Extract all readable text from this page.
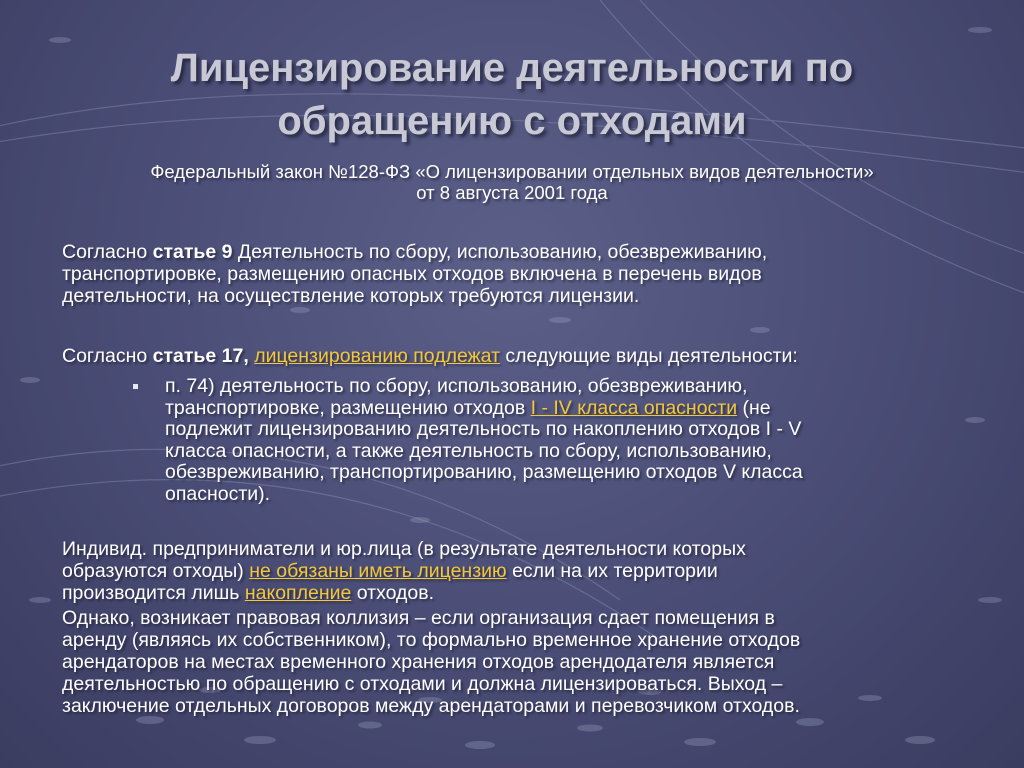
Лицензирование деятельности по
обращению с отходами
Федеральный закон №128-ФЗ «О лицензировании отдельных видов деятельности»
от 8 августа 2001 года
Согласно статье 9 Деятельность по сбору, использованию, обезвреживанию,
транспортировке, размещению опасных отходов включена в перечень видов
деятельности, на осуществление которых требуются лицензии.
Согласно статье 17, лицензированию подлежат следующие виды деятельности:
п. 74) деятельность по сбору, использованию, обезвреживанию,
транспортировке, размещению отходов I - IV класса опасности (не
подлежит лицензированию деятельность по накоплению отходов I - V
класса опасности, а также деятельность по сбору, использованию,
обезвреживанию, транспортированию, размещению отходов V класса
опасности).
Индивид. предприниматели и юр.лица (в результате деятельности которых
образуются отходы) не обязаны иметь лицензию если на их территории
производится лишь накопление отходов.
Однако, возникает правовая коллизия – если организация сдает помещения в
аренду (являясь их собственником), то формально временное хранение отходов
арендаторов на местах временного хранения отходов арендодателя является
деятельностью по обращению с отходами и должна лицензироваться. Выход –
заключение отдельных договоров между арендаторами и перевозчиком отходов.
